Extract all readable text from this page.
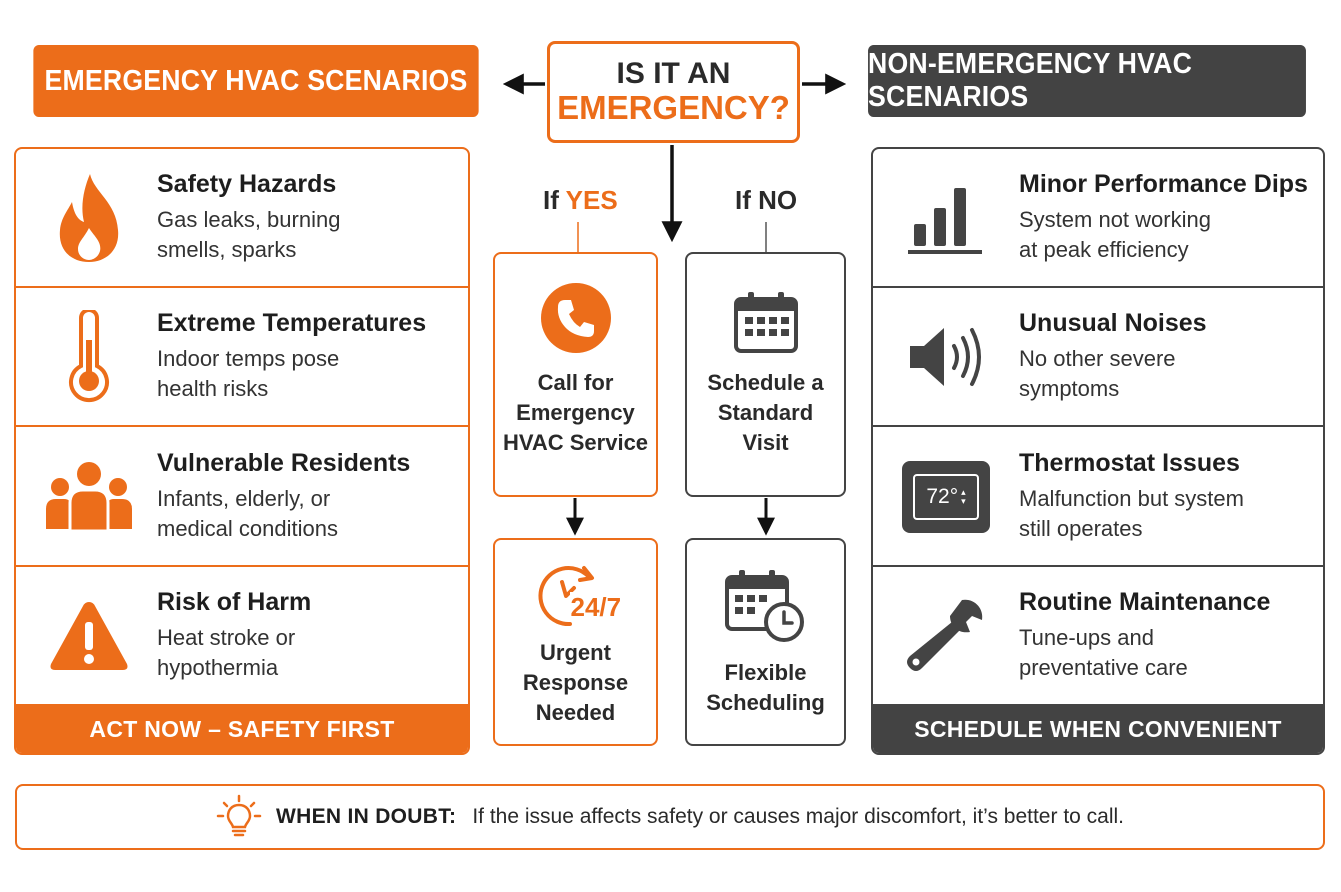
EMERGENCY HVAC SCENARIOS
NON-EMERGENCY HVAC SCENARIOS
IS IT AN
EMERGENCY?
If YES	If NO
Safety Hazards
Gas leaks, burning
smells, sparks
Extreme Temperatures
Indoor temps pose
health risks
Vulnerable Residents
Infants, elderly, or
medical conditions
Risk of Harm
Heat stroke or
hypothermia
ACT NOW – SAFETY FIRST
Minor Performance Dips
System not working
at peak efficiency
Unusual Noises
No other severe
symptoms
72° ▴
▾
Thermostat Issues
Malfunction but system
still operates
Routine Maintenance
Tune-ups and
preventative care
SCHEDULE WHEN CONVENIENT
Call for
Emergency
HVAC Service
Schedule a
Standard
Visit
24/7
Urgent
Response
Needed
Flexible
Scheduling
WHEN IN DOUBT: If the issue affects safety or causes major discomfort, it’s better to call.
